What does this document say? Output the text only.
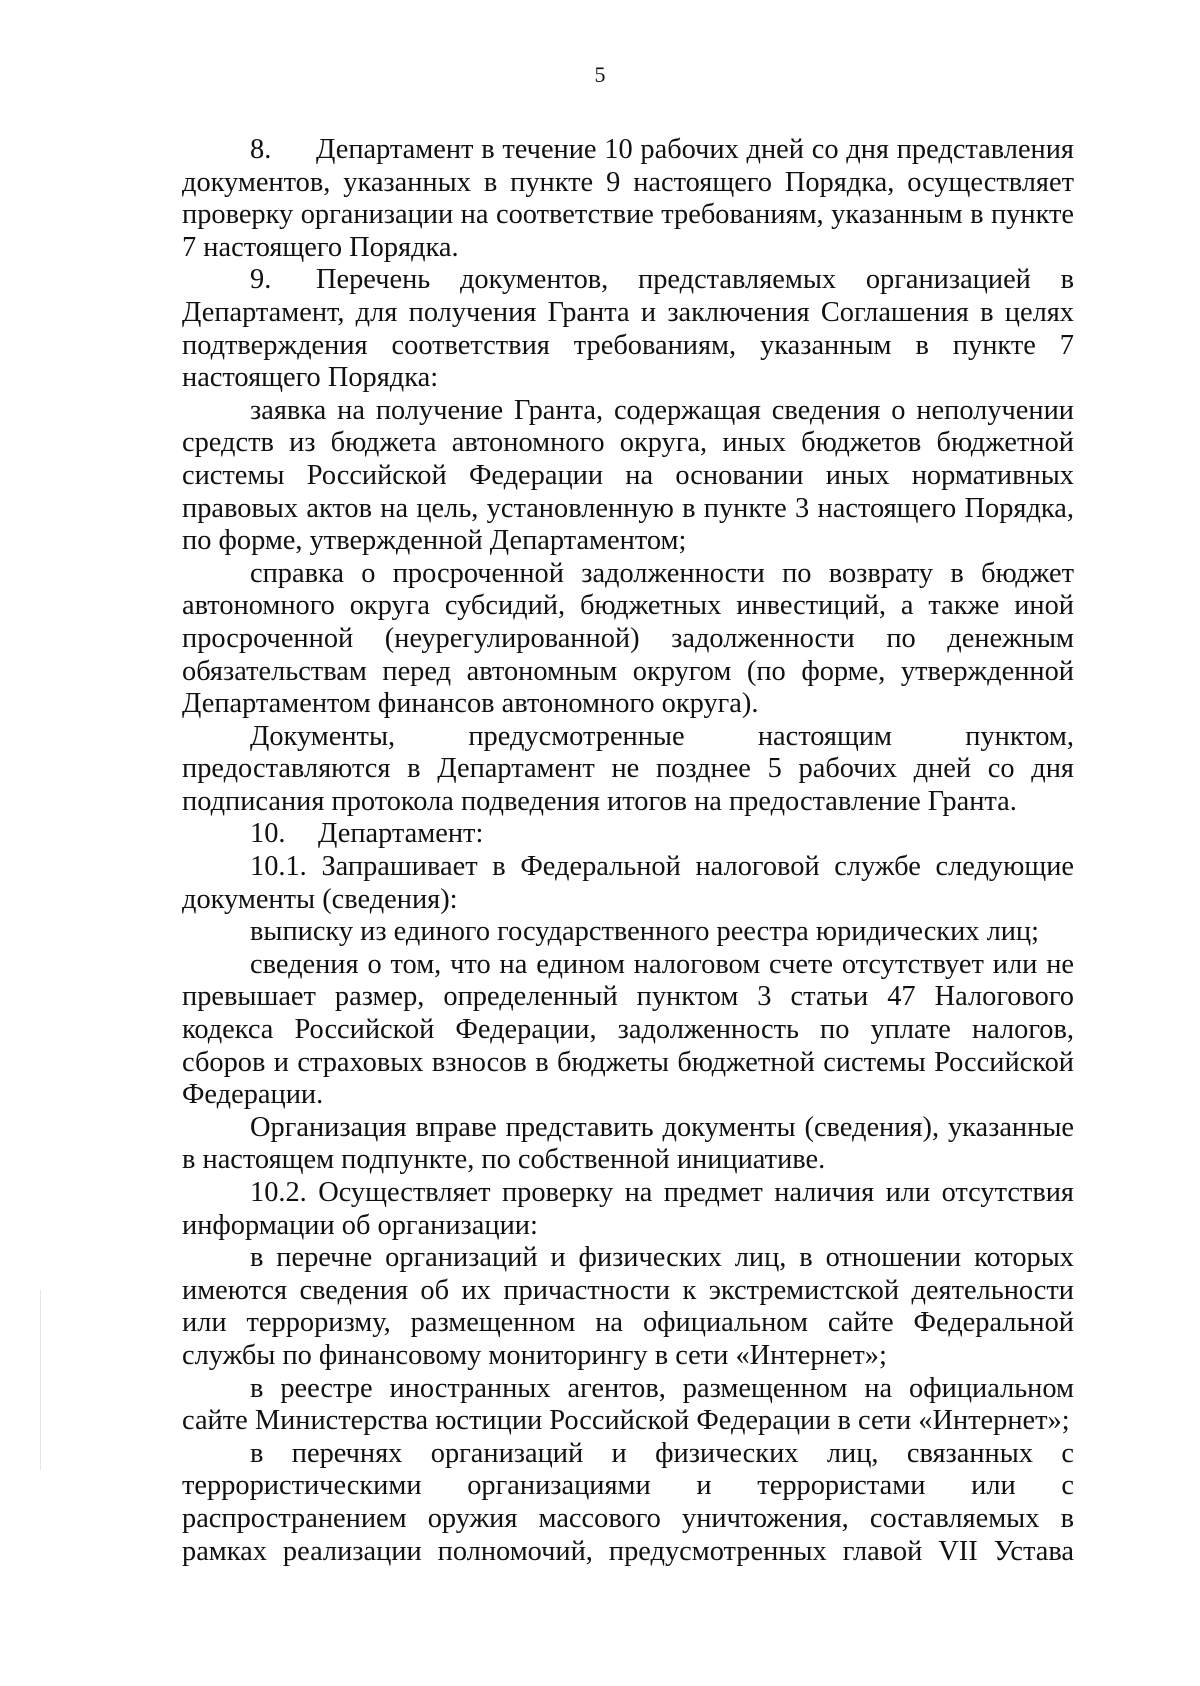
5

8. Департамент в течение 10 рабочих дней со дня представления документов, указанных в пункте 9 настоящего Порядка, осуществляет проверку организации на соответствие требованиям, указанным в пункте 7 настоящего Порядка.

9. Перечень документов, представляемых организацией в Департамент, для получения Гранта и заключения Соглашения в целях подтверждения соответствия требованиям, указанным в пункте 7 настоящего Порядка:

заявка на получение Гранта, содержащая сведения о неполучении средств из бюджета автономного округа, иных бюджетов бюджетной системы Российской Федерации на основании иных нормативных правовых актов на цель, установленную в пункте 3 настоящего Порядка, по форме, утвержденной Департаментом;

справка о просроченной задолженности по возврату в бюджет автономного округа субсидий, бюджетных инвестиций, а также иной просроченной (неурегулированной) задолженности по денежным обязательствам перед автономным округом (по форме, утвержденной Департаментом финансов автономного округа).

Документы, предусмотренные настоящим пунктом, предоставляются в Департамент не позднее 5 рабочих дней со дня подписания протокола подведения итогов на предоставление Гранта.

10. Департамент:

10.1. Запрашивает в Федеральной налоговой службе следующие документы (сведения):

выписку из единого государственного реестра юридических лиц;

сведения о том, что на едином налоговом счете отсутствует или не превышает размер, определенный пунктом 3 статьи 47 Налогового кодекса Российской Федерации, задолженность по уплате налогов, сборов и страховых взносов в бюджеты бюджетной системы Российской Федерации.

Организация вправе представить документы (сведения), указанные в настоящем подпункте, по собственной инициативе.

10.2. Осуществляет проверку на предмет наличия или отсутствия информации об организации:

в перечне организаций и физических лиц, в отношении которых имеются сведения об их причастности к экстремистской деятельности или терроризму, размещенном на официальном сайте Федеральной службы по финансовому мониторингу в сети «Интернет»;

в реестре иностранных агентов, размещенном на официальном сайте Министерства юстиции Российской Федерации в сети «Интернет»;

в перечнях организаций и физических лиц, связанных с террористическими организациями и террористами или с распространением оружия массового уничтожения, составляемых в рамках реализации полномочий, предусмотренных главой VII Устава
